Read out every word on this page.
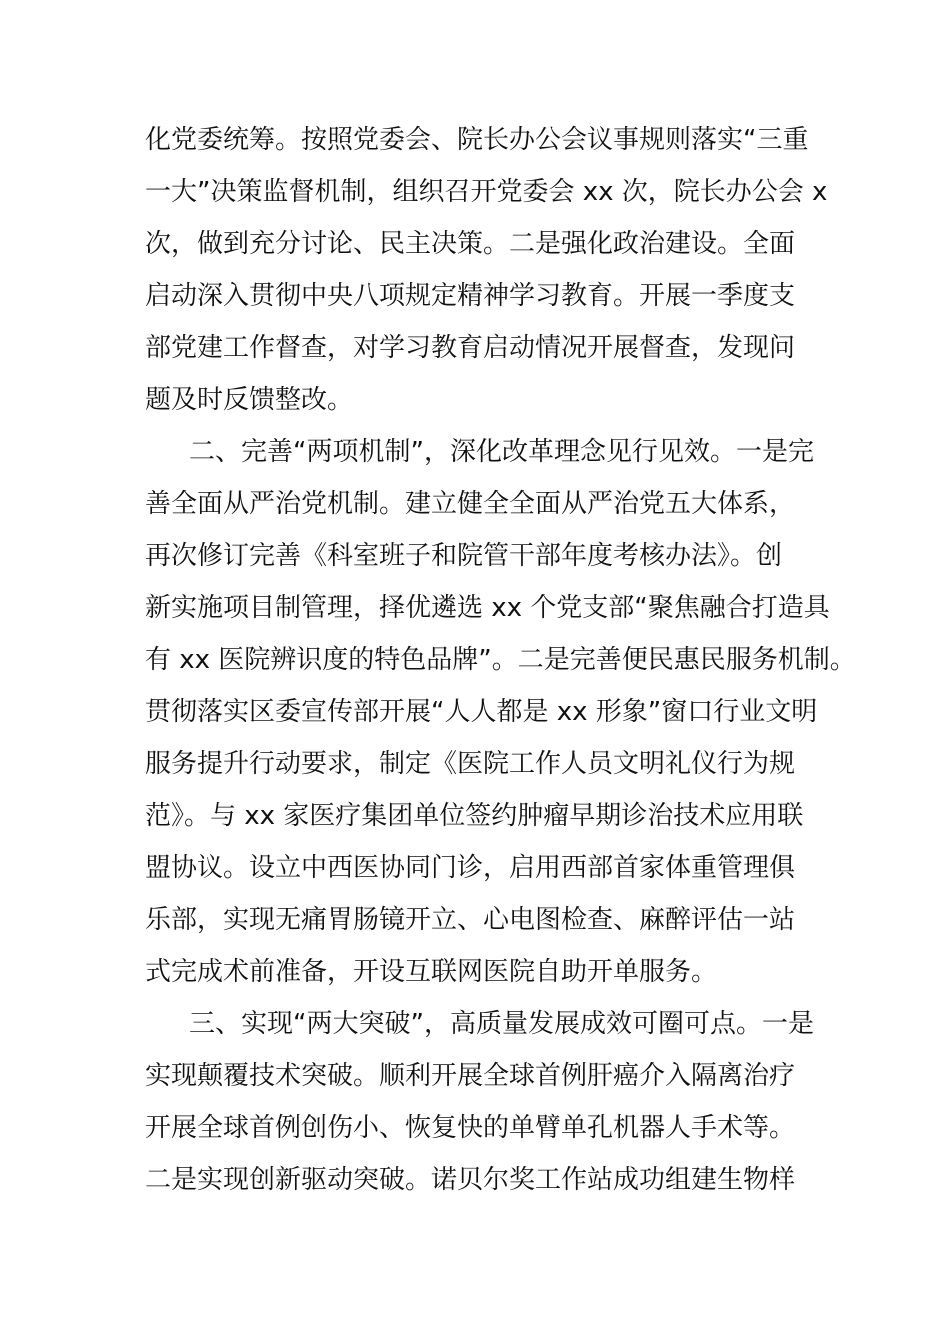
化党委统筹。按照党委会、院长办公会议事规则落实“三重
一大”决策监督机制，组织召开党委会 xx 次，院长办公会 x
次，做到充分讨论、民主决策。二是强化政治建设。全面
启动深入贯彻中央八项规定精神学习教育。开展一季度支
部党建工作督查，对学习教育启动情况开展督查，发现问
题及时反馈整改。
二、完善“两项机制”，深化改革理念见行见效。一是完
善全面从严治党机制。建立健全全面从严治党五大体系，
再次修订完善《科室班子和院管干部年度考核办法》。创
新实施项目制管理，择优遴选 xx 个党支部“聚焦融合打造具
有 xx 医院辨识度的特色品牌”。二是完善便民惠民服务机制。
贯彻落实区委宣传部开展“人人都是 xx 形象”窗口行业文明
服务提升行动要求，制定《医院工作人员文明礼仪行为规
范》。与 xx 家医疗集团单位签约肿瘤早期诊治技术应用联
盟协议。设立中西医协同门诊，启用西部首家体重管理俱
乐部，实现无痛胃肠镜开立、心电图检查、麻醉评估一站
式完成术前准备，开设互联网医院自助开单服务。
三、实现“两大突破”，高质量发展成效可圈可点。一是
实现颠覆技术突破。顺利开展全球首例肝癌介入隔离治疗
开展全球首例创伤小、恢复快的单臂单孔机器人手术等。
二是实现创新驱动突破。诺贝尔奖工作站成功组建生物样
